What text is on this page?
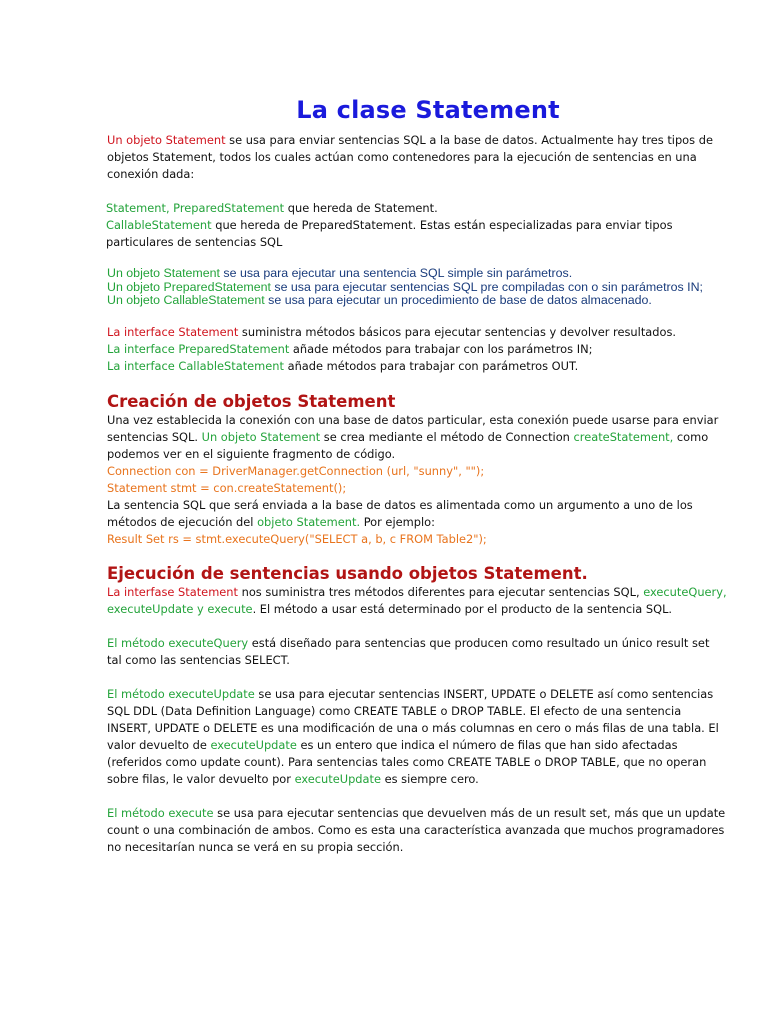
La clase Statement

Un objeto Statement se usa para enviar sentencias SQL a la base de datos. Actualmente hay tres tipos de objetos Statement, todos los cuales actúan como contenedores para la ejecución de sentencias en una conexión dada:

Statement, PreparedStatement que hereda de Statement.
CallableStatement que hereda de PreparedStatement. Estas están especializadas para enviar tipos particulares de sentencias SQL

Un objeto Statement se usa para ejecutar una sentencia SQL simple sin parámetros.
Un objeto PreparedStatement se usa para ejecutar sentencias SQL pre compiladas con o sin parámetros IN;
Un objeto CallableStatement se usa para ejecutar un procedimiento de base de datos almacenado.

La interface Statement suministra métodos básicos para ejecutar sentencias y devolver resultados.
La interface PreparedStatement añade métodos para trabajar con los parámetros IN;
La interface CallableStatement añade métodos para trabajar con parámetros OUT.

Creación de objetos Statement

Una vez establecida la conexión con una base de datos particular, esta conexión puede usarse para enviar sentencias SQL. Un objeto Statement se crea mediante el método de Connection createStatement, como podemos ver en el siguiente fragmento de código.
Connection con = DriverManager.getConnection (url, "sunny", "");
Statement stmt = con.createStatement();
La sentencia SQL que será enviada a la base de datos es alimentada como un argumento a uno de los métodos de ejecución del objeto Statement. Por ejemplo:
Result Set rs = stmt.executeQuery("SELECT a, b, c FROM Table2");

Ejecución de sentencias usando objetos Statement.

La interfase Statement nos suministra tres métodos diferentes para ejecutar sentencias SQL, executeQuery, executeUpdate y execute. El método a usar está determinado por el producto de la sentencia SQL.

El método executeQuery está diseñado para sentencias que producen como resultado un único result set tal como las sentencias SELECT.

El método executeUpdate se usa para ejecutar sentencias INSERT, UPDATE o DELETE así como sentencias SQL DDL (Data Definition Language) como CREATE TABLE o DROP TABLE. El efecto de una sentencia INSERT, UPDATE o DELETE es una modificación de una o más columnas en cero o más filas de una tabla. El valor devuelto de executeUpdate es un entero que indica el número de filas que han sido afectadas (referidos como update count). Para sentencias tales como CREATE TABLE o DROP TABLE, que no operan sobre filas, le valor devuelto por executeUpdate es siempre cero.

El método execute se usa para ejecutar sentencias que devuelven más de un result set, más que un update count o una combinación de ambos. Como es esta una característica avanzada que muchos programadores no necesitarían nunca se verá en su propia sección.
